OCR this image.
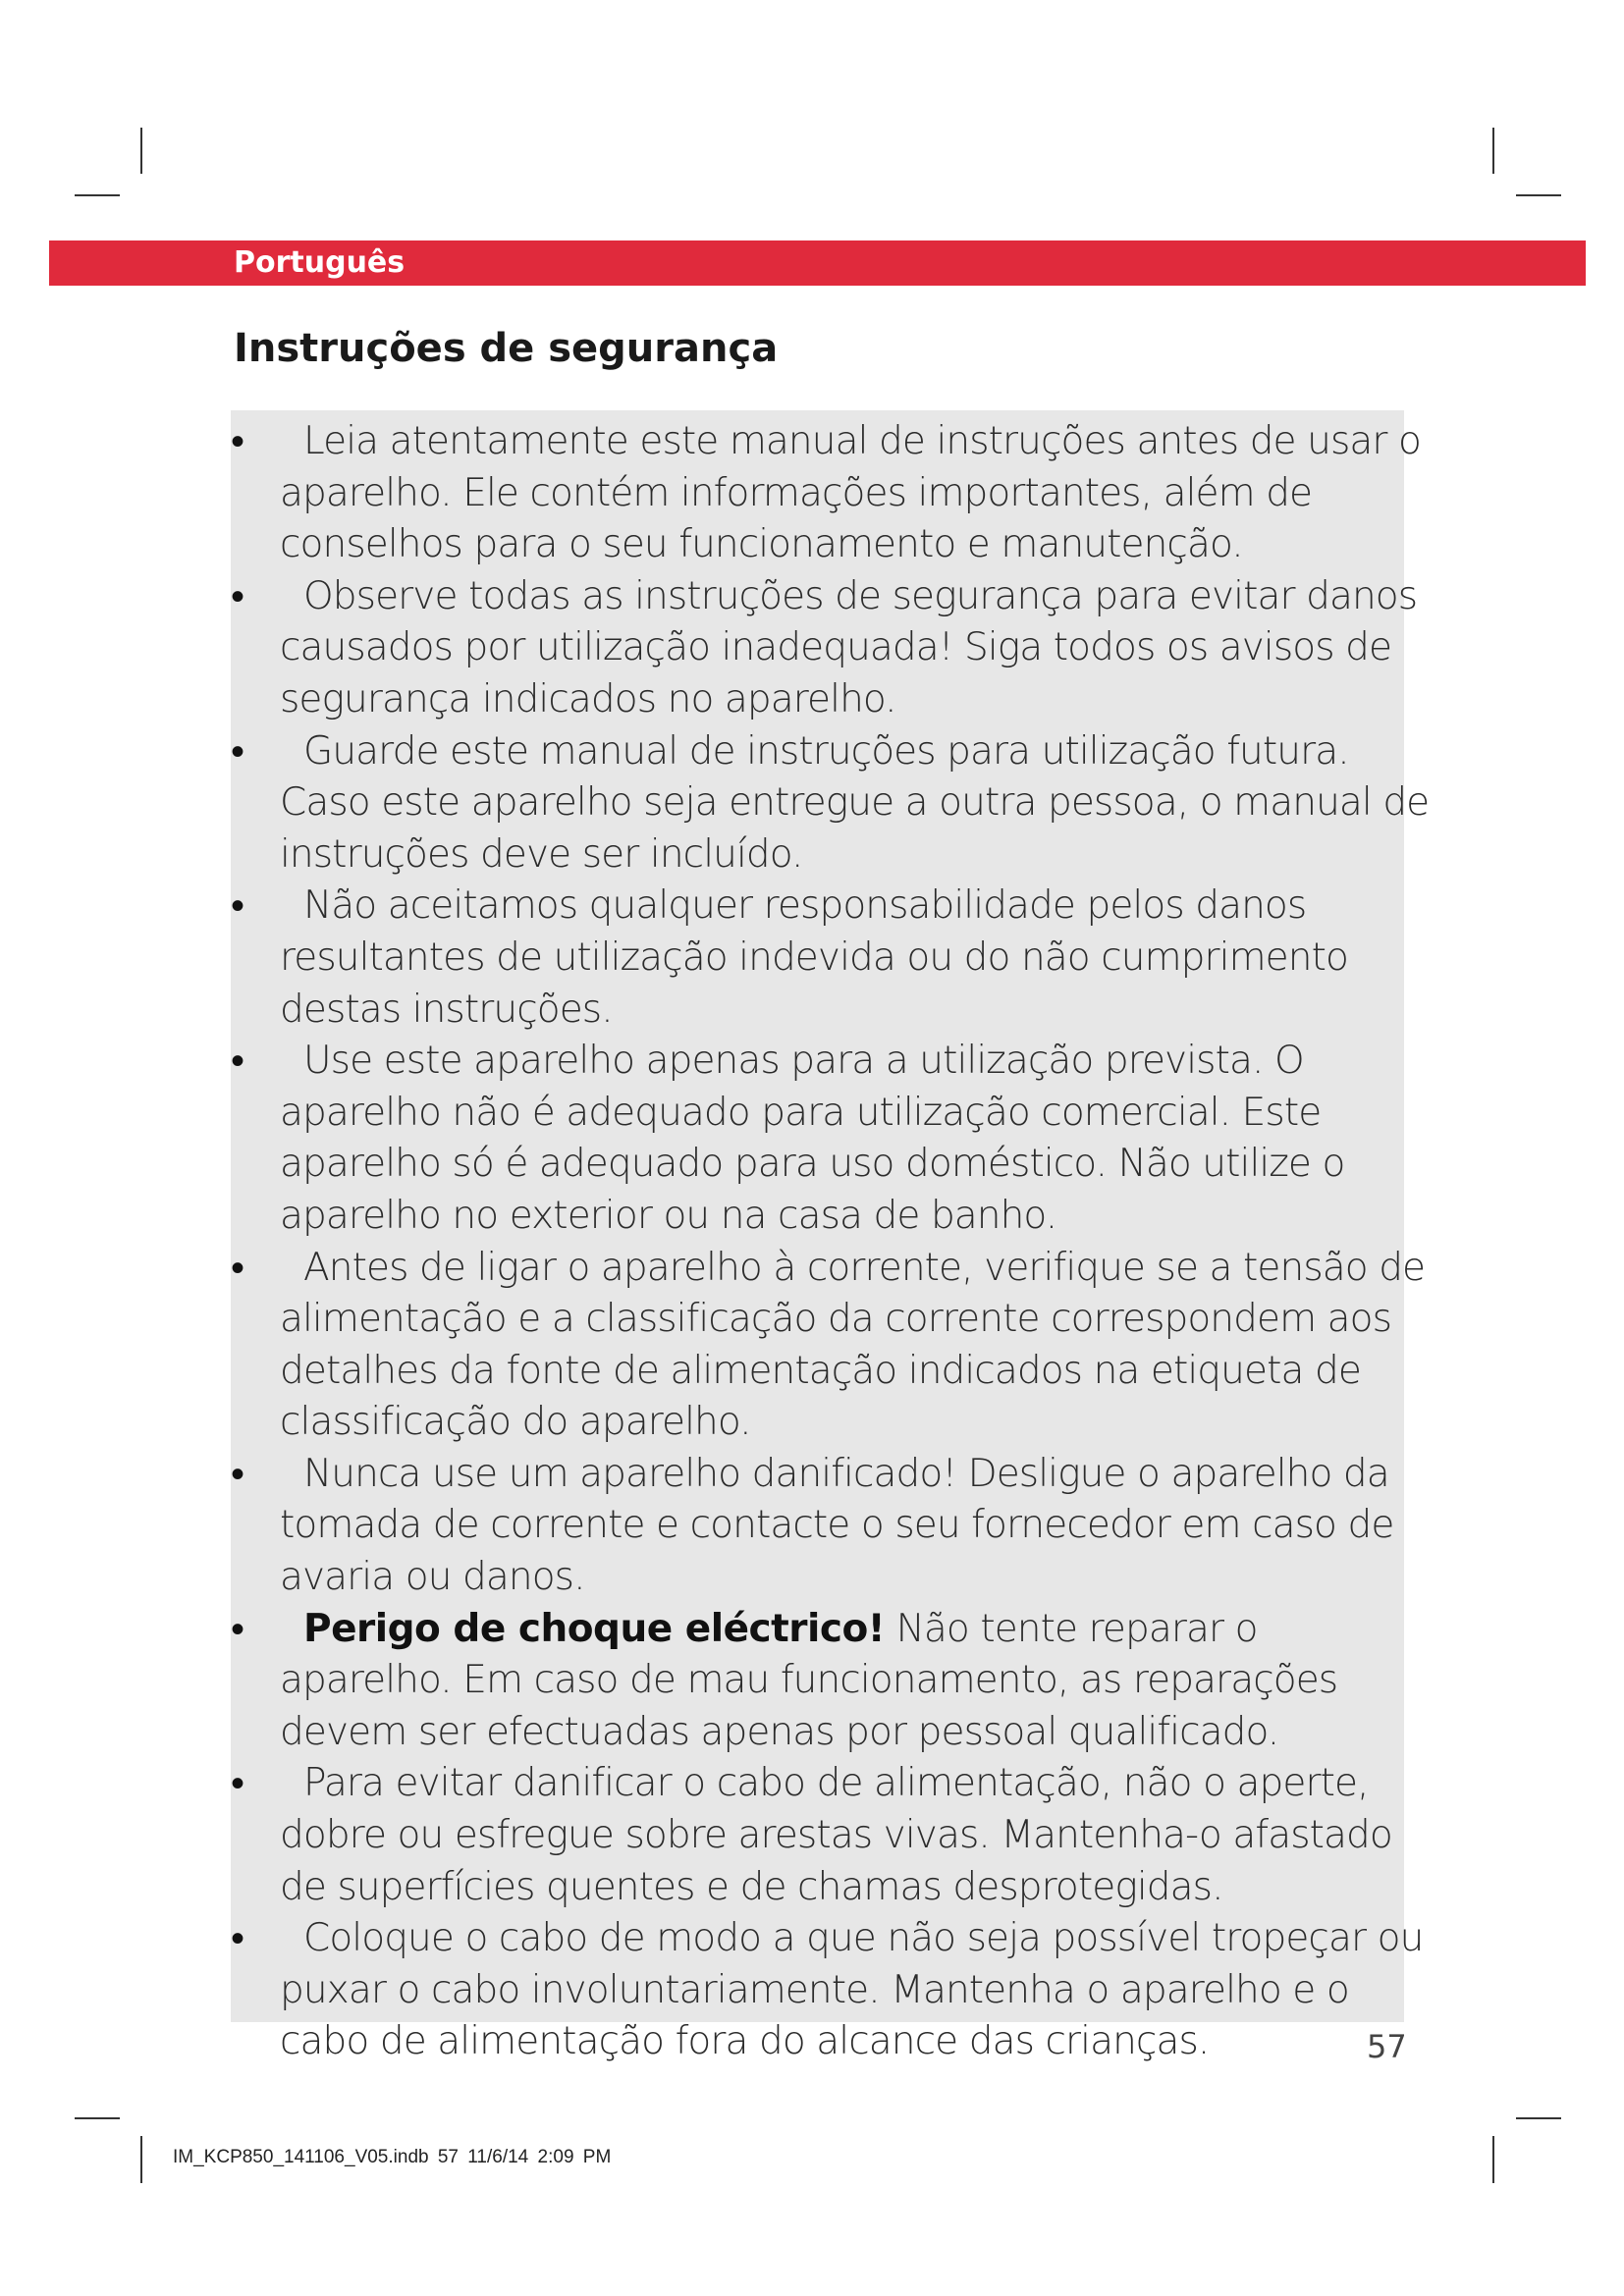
Português
Instruções de segurança
•	Leia atentamente este manual de instruções antes de usar o aparelho. Ele contém informações importantes, além de conselhos para o seu funcionamento e manutenção.
•	Observe todas as instruções de segurança para evitar danos causados por utilização inadequada! Siga todos os avisos de segurança indicados no aparelho.
•	Guarde este manual de instruções para utilização futura. Caso este aparelho seja entregue a outra pessoa, o manual de instruções deve ser incluído.
•	Não aceitamos qualquer responsabilidade pelos danos resultantes de utilização indevida ou do não cumprimento destas instruções.
•	Use este aparelho apenas para a utilização prevista. O aparelho não é adequado para utilização comercial. Este aparelho só é adequado para uso doméstico. Não utilize o aparelho no exterior ou na casa de banho.
•	Antes de ligar o aparelho à corrente, verifique se a tensão de alimentação e a classificação da corrente correspondem aos detalhes da fonte de alimentação indicados na etiqueta de classificação do aparelho.
•	Nunca use um aparelho danificado! Desligue o aparelho da tomada de corrente e contacte o seu fornecedor em caso de avaria ou danos.
•	Perigo de choque eléctrico! Não tente reparar o aparelho. Em caso de mau funcionamento, as reparações devem ser efectuadas apenas por pessoal qualificado.
•	Para evitar danificar o cabo de alimentação, não o aperte, dobre ou esfregue sobre arestas vivas. Mantenha-o afastado de superfícies quentes e de chamas desprotegidas.
•	Coloque o cabo de modo a que não seja possível tropeçar ou puxar o cabo involuntariamente. Mantenha o aparelho e o cabo de alimentação fora do alcance das crianças.	57
IM_KCP850_141106_V05.indb 57 11/6/14 2:09 PM
